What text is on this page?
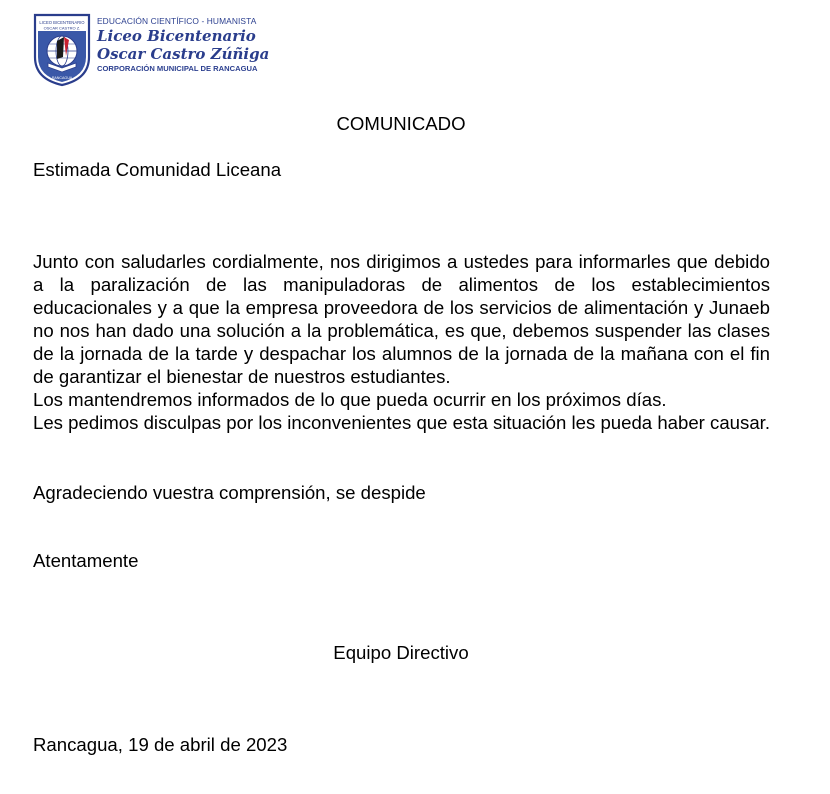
LICEO BICENTENARIO
OSCAR CASTRO Z.
RANCAGUA
EDUCACIÓN CIENTÍFICO - HUMANISTA
Liceo Bicentenario
Oscar Castro Zúñiga
CORPORACIÓN MUNICIPAL DE RANCAGUA
COMUNICADO
Estimada Comunidad Liceana

Junto con saludarles cordialmente, nos dirigimos a ustedes para informarles que debido a la paralización de las manipuladoras de alimentos de los establecimientos educacionales y a que la empresa proveedora de los servicios de alimentación y Junaeb no nos han dado una solución a la problemática, es que, debemos suspender las clases de la jornada de la tarde y despachar los alumnos de la jornada de la mañana con el fin de garantizar el bienestar de nuestros estudiantes.

Los mantendremos informados de lo que pueda ocurrir en los próximos días.

Les pedimos disculpas por los inconvenientes que esta situación les pueda haber causar.

Agradeciendo vuestra comprensión, se despide
Atentamente
Equipo Directivo
Rancagua, 19 de abril de 2023
